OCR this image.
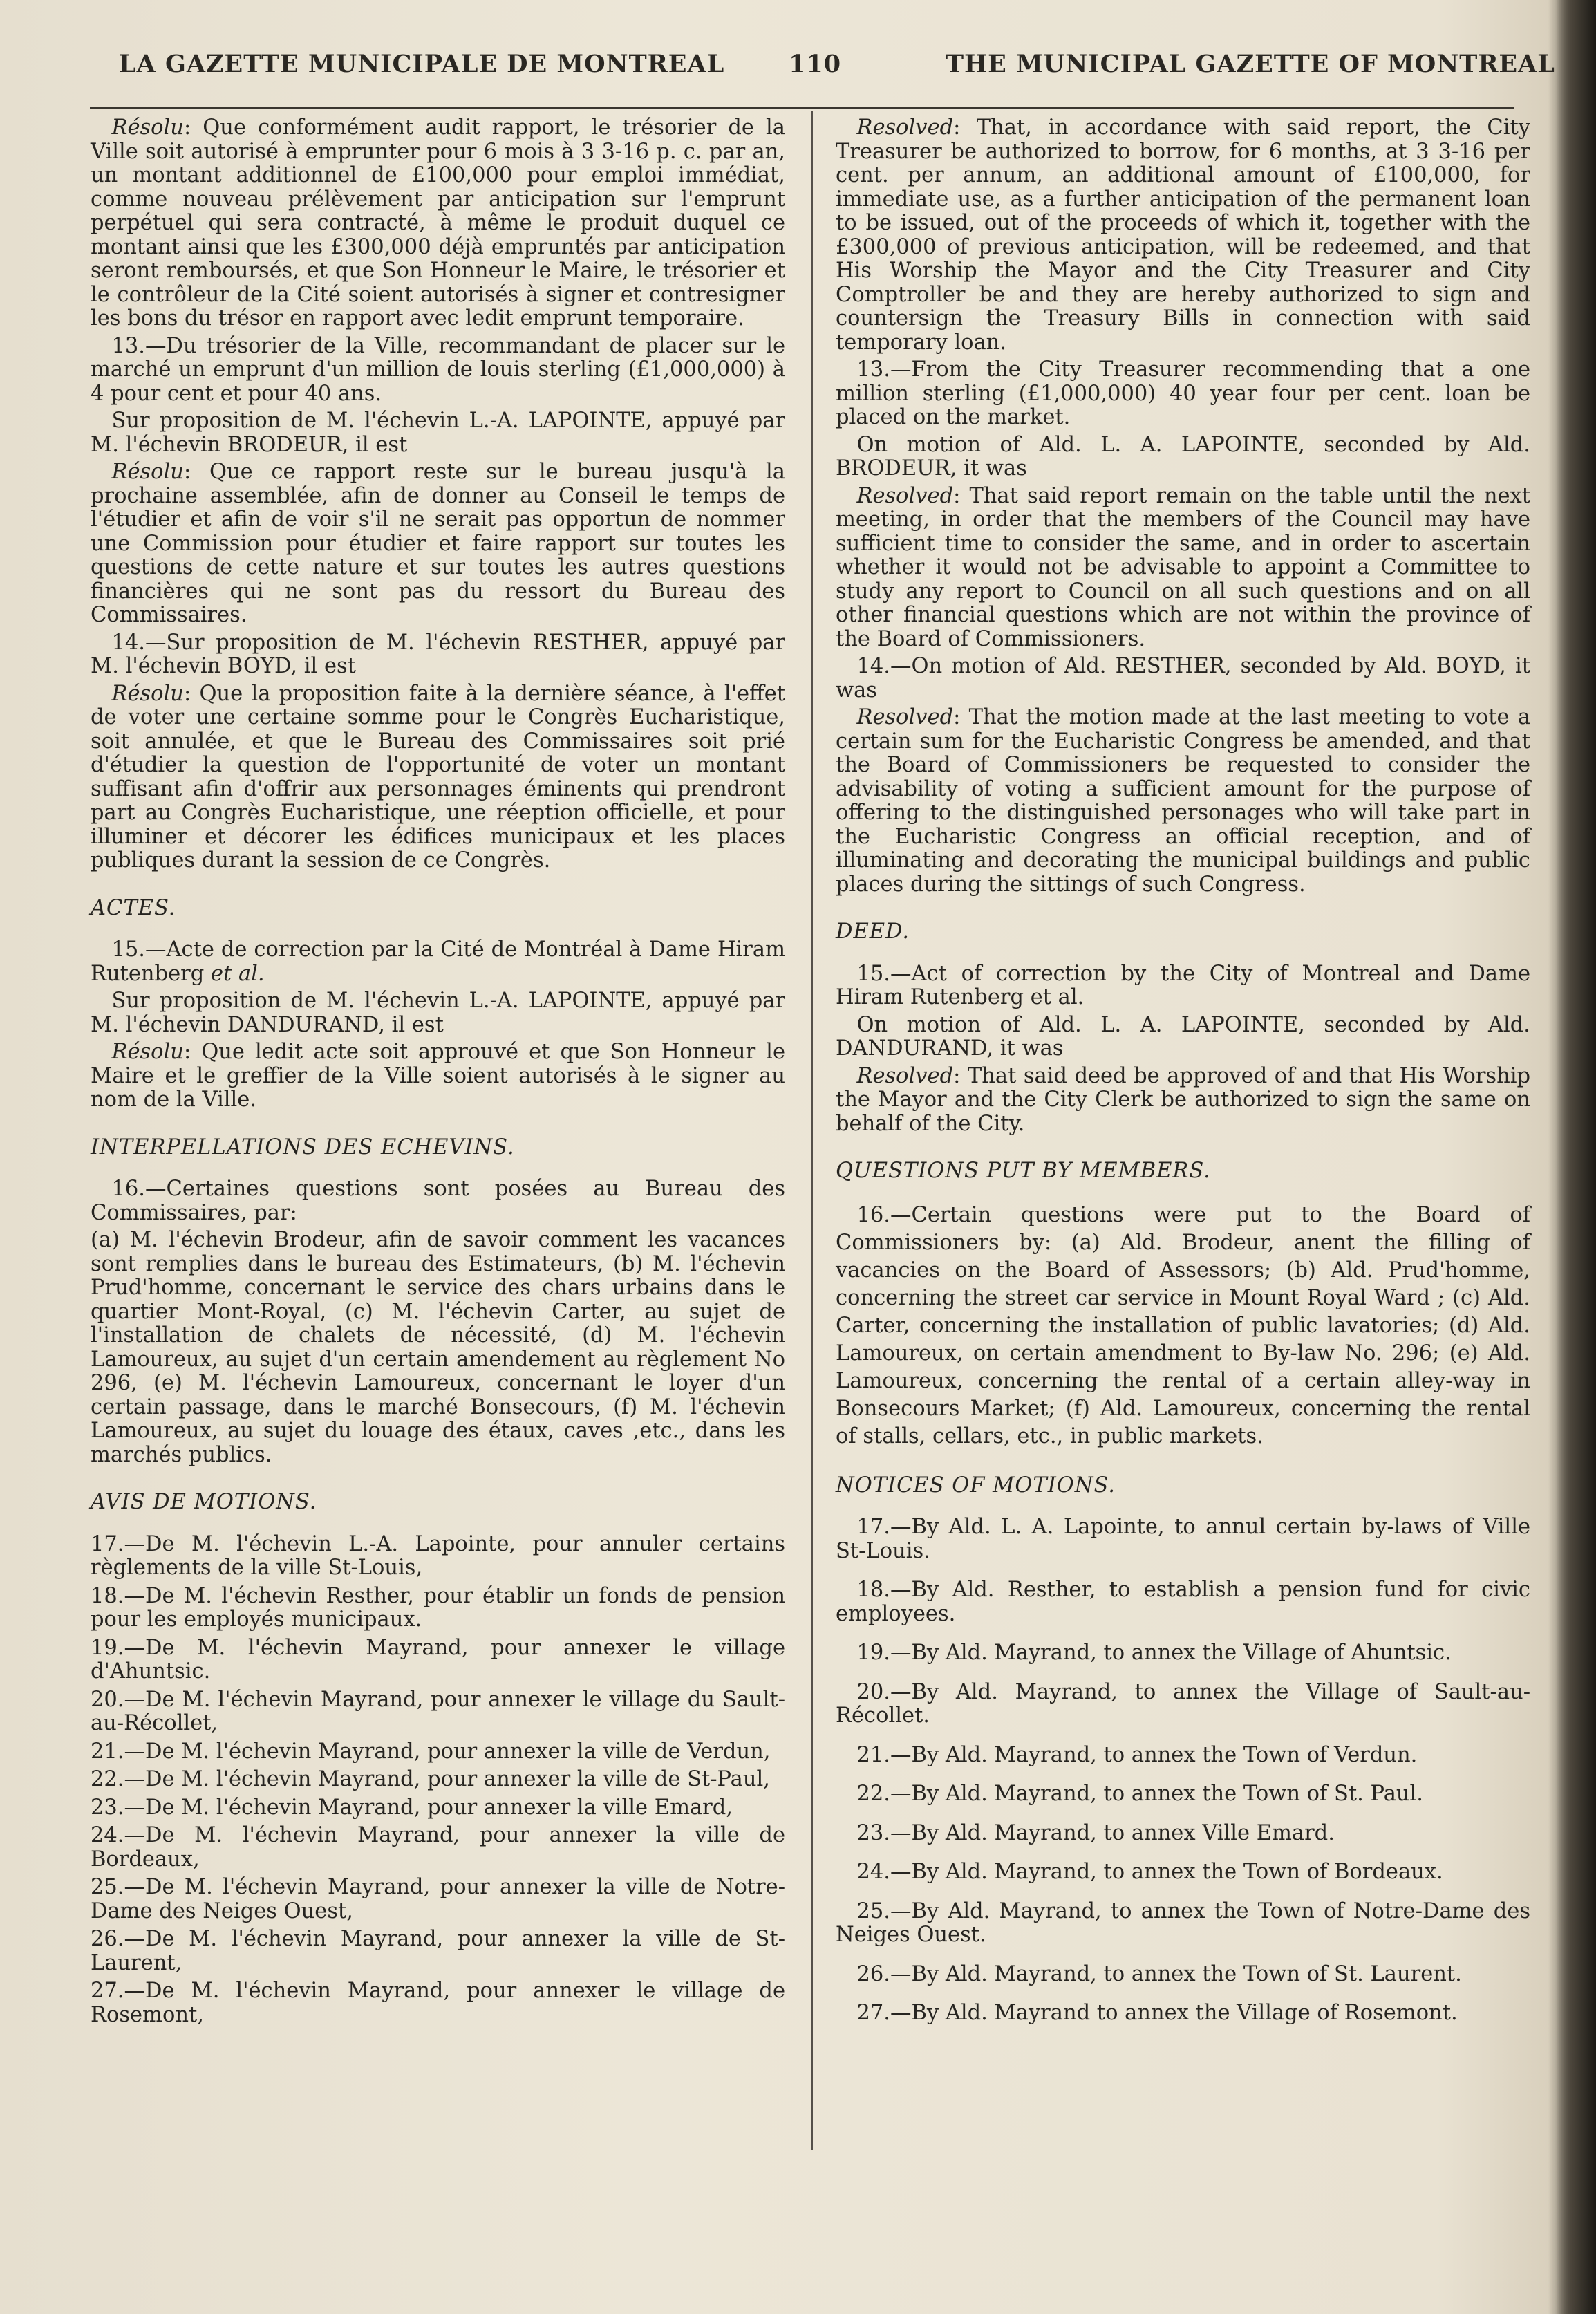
LA GAZETTE MUNICIPALE DE MONTREAL	110	THE MUNICIPAL GAZETTE OF MONTREAL

 Résolu: Que conformément audit rapport, le trésorier de la Ville soit autorisé à emprunter pour 6 mois à 3 3-16 p. c. par an, un montant additionnel de £100,000 pour emploi immédiat, comme nouveau prélèvement par anticipation sur l'emprunt perpétuel qui sera contracté, à même le produit duquel ce montant ainsi que les £300,000 déjà empruntés par anticipation seront remboursés, et que Son Honneur le Maire, le trésorier et le contrôleur de la Cité soient autorisés à signer et contresigner les bons du trésor en rapport avec ledit emprunt temporaire.

 13.—Du trésorier de la Ville, recommandant de placer sur le marché un emprunt d'un million de louis sterling (£1,000,000) à 4 pour cent et pour 40 ans.

 Sur proposition de M. l'échevin L.-A. LAPOINTE, appuyé par M. l'échevin BRODEUR, il est

 Résolu: Que ce rapport reste sur le bureau jusqu'à la prochaine assemblée, afin de donner au Conseil le temps de l'étudier et afin de voir s'il ne serait pas opportun de nommer une Commission pour étudier et faire rapport sur toutes les questions de cette nature et sur toutes les autres questions financières qui ne sont pas du ressort du Bureau des Commissaires.

 14.—Sur proposition de M. l'échevin RESTHER, appuyé par M. l'échevin BOYD, il est

 Résolu: Que la proposition faite à la dernière séance, à l'effet de voter une certaine somme pour le Congrès Eucharistique, soit annulée, et que le Bureau des Commissaires soit prié d'étudier la question de l'opportunité de voter un montant suffisant afin d'offrir aux personnages éminents qui prendront part au Congrès Eucharistique, une réeption officielle, et pour illuminer et décorer les édifices municipaux et les places publiques durant la session de ce Congrès.

ACTES.

 15.—Acte de correction par la Cité de Montréal à Dame Hiram Rutenberg et al.

 Sur proposition de M. l'échevin L.-A. LAPOINTE, appuyé par M. l'échevin DANDURAND, il est

 Résolu: Que ledit acte soit approuvé et que Son Honneur le Maire et le greffier de la Ville soient autorisés à le signer au nom de la Ville.

INTERPELLATIONS DES ECHEVINS.

 16.—Certaines questions sont posées au Bureau des Commissaires, par:

(a) M. l'échevin Brodeur, afin de savoir comment les vacances sont remplies dans le bureau des Estimateurs, (b) M. l'échevin Prud'homme, concernant le service des chars urbains dans le quartier Mont-Royal, (c) M. l'échevin Carter, au sujet de l'installation de chalets de nécessité, (d) M. l'échevin Lamoureux, au sujet d'un certain amendement au règlement No 296, (e) M. l'échevin Lamoureux, concernant le loyer d'un certain passage, dans le marché Bonsecours, (f) M. l'échevin Lamoureux, au sujet du louage des étaux, caves ,etc., dans les marchés publics.

AVIS DE MOTIONS.

17.—De M. l'échevin L.-A. Lapointe, pour annuler certains règlements de la ville St-Louis,

18.—De M. l'échevin Resther, pour établir un fonds de pension pour les employés municipaux.

19.—De M. l'échevin Mayrand, pour annexer le village d'Ahuntsic.

20.—De M. l'échevin Mayrand, pour annexer le village du Sault-au-Récollet,

21.—De M. l'échevin Mayrand, pour annexer la ville de Verdun,

22.—De M. l'échevin Mayrand, pour annexer la ville de St-Paul,

23.—De M. l'échevin Mayrand, pour annexer la ville Emard,

24.—De M. l'échevin Mayrand, pour annexer la ville de Bordeaux,

25.—De M. l'échevin Mayrand, pour annexer la ville de Notre-Dame des Neiges Ouest,

26.—De M. l'échevin Mayrand, pour annexer la ville de St-Laurent,

27.—De M. l'échevin Mayrand, pour annexer le village de Rosemont,

 Resolved: That, in accordance with said report, the City Treasurer be authorized to borrow, for 6 months, at 3 3-16 per cent. per annum, an additional amount of £100,000, for immediate use, as a further anticipation of the permanent loan to be issued, out of the proceeds of which it, together with the £300,000 of previous anticipation, will be redeemed, and that His Worship the Mayor and the City Treasurer and City Comptroller be and they are hereby authorized to sign and countersign the Treasury Bills in connection with said temporary loan.

 13.—From the City Treasurer recommending that a one million sterling (£1,000,000) 40 year four per cent. loan be placed on the market.

 On motion of Ald. L. A. LAPOINTE, seconded by Ald. BRODEUR, it was

 Resolved: That said report remain on the table until the next meeting, in order that the members of the Council may have sufficient time to consider the same, and in order to ascertain whether it would not be advisable to appoint a Committee to study any report to Council on all such questions and on all other financial questions which are not within the province of the Board of Commissioners.

 14.—On motion of Ald. RESTHER, seconded by Ald. BOYD, it was

 Resolved: That the motion made at the last meeting to vote a certain sum for the Eucharistic Congress be amended, and that the Board of Commissioners be requested to consider the advisability of voting a sufficient amount for the purpose of offering to the distinguished personages who will take part in the Eucharistic Congress an official reception, and of illuminating and decorating the municipal buildings and public places during the sittings of such Congress.

DEED.

 15.—Act of correction by the City of Montreal and Dame Hiram Rutenberg et al.

 On motion of Ald. L. A. LAPOINTE, seconded by Ald. DANDURAND, it was

 Resolved: That said deed be approved of and that His Worship the Mayor and the City Clerk be authorized to sign the same on behalf of the City.

QUESTIONS PUT BY MEMBERS.

 16.—Certain questions were put to the Board of Commissioners by: (a) Ald. Brodeur, anent the filling of vacancies on the Board of Assessors; (b) Ald. Prud'homme, concerning the street car service in Mount Royal Ward ; (c) Ald. Carter, concerning the installation of public lavatories; (d) Ald. Lamoureux, on certain amendment to By-law No. 296; (e) Ald. Lamoureux, concerning the rental of a certain alley-way in Bonsecours Market; (f) Ald. Lamoureux, concerning the rental of stalls, cellars, etc., in public markets.

NOTICES OF MOTIONS.

 17.—By Ald. L. A. Lapointe, to annul certain by-laws of Ville St-Louis.

 18.—By Ald. Resther, to establish a pension fund for civic employees.

 19.—By Ald. Mayrand, to annex the Village of Ahuntsic.

 20.—By Ald. Mayrand, to annex the Village of Sault-au-Récollet.

 21.—By Ald. Mayrand, to annex the Town of Verdun.

 22.—By Ald. Mayrand, to annex the Town of St. Paul.

 23.—By Ald. Mayrand, to annex Ville Emard.

 24.—By Ald. Mayrand, to annex the Town of Bordeaux.

 25.—By Ald. Mayrand, to annex the Town of Notre-Dame des Neiges Ouest.

 26.—By Ald. Mayrand, to annex the Town of St. Laurent.

 27.—By Ald. Mayrand to annex the Village of Rosemont.
